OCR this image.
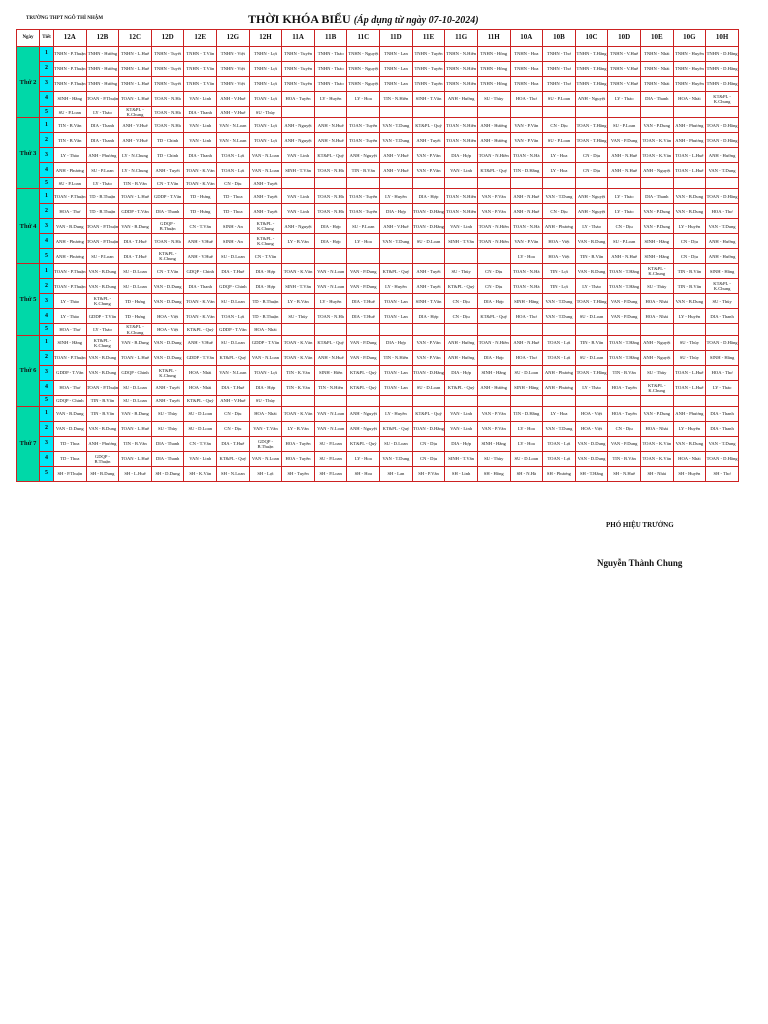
TRƯỜNG THPT NGÔ THÌ NHẬM	THỜI KHÓA BIỂU (Áp dụng từ ngày 07-10-2024)
Ngày	Tiết	12A	12B	12C	12D	12E	12G	12H	11A	11B	11C	11D	11E	11G	11H	10A	10B	10C	10D	10E	10G	10H
Thứ 2	1	TNHN - P.Thuận	TNHN - Hường	TNHN - L.Huế	TNHN - Tuyết	TNHN - T.Vân	TNHN - Việt	TNHN - Lợi	TNHN - Tuyền	TNHN - Thảo	TNHN - Nguyệt	TNHN - Lan	TNHN - Tuyến	TNHN - N.Hiền	TNHN - Hồng	TNHN - Hoa	TNHN - Thơ	TNHN - T.Hằng	TNHN - V.Huế	TNHN - Nhài	TNHN - Huyền	TNHN - D.Hằng
	2	TNHN - P.Thuận	TNHN - Hường	TNHN - L.Huế	TNHN - Tuyết	TNHN - T.Vân	TNHN - Việt	TNHN - Lợi	TNHN - Tuyền	TNHN - Thảo	TNHN - Nguyệt	TNHN - Lan	TNHN - Tuyến	TNHN - N.Hiền	TNHN - Hồng	TNHN - Hoa	TNHN - Thơ	TNHN - T.Hằng	TNHN - V.Huế	TNHN - Nhài	TNHN - Huyền	TNHN - D.Hằng
	3	TNHN - P.Thuận	TNHN - Hường	TNHN - L.Huế	TNHN - Tuyết	TNHN - T.Vân	TNHN - Việt	TNHN - Lợi	TNHN - Tuyền	TNHN - Thảo	TNHN - Nguyệt	TNHN - Lan	TNHN - Tuyến	TNHN - N.Hiền	TNHN - Hồng	TNHN - Hoa	TNHN - Thơ	TNHN - T.Hằng	TNHN - V.Huế	TNHN - Nhài	TNHN - Huyền	TNHN - D.Hằng
	4	SINH - Hằng	TOAN - P.Thuận	TOAN - L.Huế	TOAN - N.Hà	VAN - Linh	ANH - V.Huế	TOAN - Lợi	HOA - Tuyền	LY - Huyền	LY - Hoa	TIN - N.Hiền	SINH - T.Vân	ANH - Hường	SU - Thùy	HOA - Thơ	SU - P.Loan	ANH - Nguyệt	LY - Thảo	DIA - Thanh	HOA - Nhài	KT&PL - K.Chung
	5	SU - P.Loan	LY - Thảo	KT&PL - K.Chung	TOAN - N.Hà	DIA - Thanh	ANH - V.Huế	SU - Thùy														
Thứ 3	1	TIN - B.Vân	DIA - Thanh	ANH - V.Huế	TOAN - N.Hà	VAN - Linh	VAN - N.Loan	TOAN - Lợi	ANH - Nguyệt	ANH - N.Huế	TOAN - Tuyến	VAN - T.Dung	KT&PL - Quý	TOAN - N.Hiền	ANH - Hường	VAN - P.Vân	CN - Dịu	TOAN - T.Hằng	SU - P.Loan	VAN - P.Dung	ANH - Phương	TOAN - D.Hằng
	2	TIN - B.Vân	DIA - Thanh	ANH - V.Huế	TD - Chinh	VAN - Linh	VAN - N.Loan	TOAN - Lợi	ANH - Nguyệt	ANH - N.Huế	TOAN - Tuyến	VAN - T.Dung	ANH - Tuyết	TOAN - N.Hiền	ANH - Hường	VAN - P.Vân	SU - P.Loan	TOAN - T.Hằng	VAN - P.Dung	TOAN - K.Văn	ANH - Phương	TOAN - D.Hằng
	3	LY - Thảo	ANH - Phương	LY - N.Chung	TD - Chinh	DIA - Thanh	TOAN - Lợi	VAN - N.Loan	VAN - Linh	KT&PL - Quý	ANH - Nguyệt	ANH - V.Huế	VAN - P.Vân	DIA - Hợp	TOAN - N.Hiền	TOAN - N.Hà	LY - Hoa	CN - Dịu	ANH - N.Huế	TOAN - K.Văn	TOAN - L.Huế	ANH - Hường
	4	ANH - Phương	SU - P.Loan	LY - N.Chung	ANH - Tuyết	TOAN - K.Văn	TOAN - Lợi	VAN - N.Loan	SINH - T.Vân	TOAN - N.Hà	TIN - B.Vân	ANH - V.Huế	VAN - P.Vân	VAN - Linh	KT&PL - Quý	TIN - D.Hằng	LY - Hoa	CN - Dịu	ANH - N.Huế	ANH - Nguyệt	TOAN - L.Huế	VAN - T.Dung
	5	SU - P.Loan	LY - Thảo	TIN - B.Vân	CN - T.Vân	TOAN - K.Văn	CN - Dịu	ANH - Tuyết														
Thứ 4	1	TOAN - P.Thuận	TD - B.Thuận	TOAN - L.Huế	GDDP - T.Vân	TD - Hưng	TD - Thoa	ANH - Tuyết	VAN - Linh	TOAN - N.Hà	TOAN - Tuyến	LY - Huyền	DIA - Hợp	TOAN - N.Hiền	VAN - P.Vân	ANH - N.Huế	VAN - T.Dung	ANH - Nguyệt	LY - Thảo	DIA - Thanh	VAN - B.Dung	TOAN - D.Hằng
	2	HOA - Thơ	TD - B.Thuận	GDDP - T.Vân	DIA - Thanh	TD - Hưng	TD - Thoa	ANH - Tuyết	VAN - Linh	TOAN - N.Hà	TOAN - Tuyến	DIA - Hợp	TOAN - D.Hằng	TOAN - N.Hiền	VAN - P.Vân	ANH - N.Huế	CN - Dịu	ANH - Nguyệt	LY - Thảo	VAN - P.Dung	VAN - B.Dung	HOA - Thơ
	3	VAN - B.Dung	TOAN - P.Thuận	VAN - B.Dung	GDQP - B.Thuận	CN - T.Vân	SINH - An	KT&PL - K.Chung	ANH - Nguyệt	DIA - Hợp	SU - P.Loan	ANH - V.Huế	TOAN - D.Hằng	VAN - Linh	TOAN - N.Hiền	TOAN - N.Hà	ANH - Phương	LY - Thảo	CN - Dịu	VAN - P.Dung	LY - Huyền	VAN - T.Dung
	4	ANH - Phương	TOAN - P.Thuận	DIA - T.Huế	TOAN - N.Hà	ANH - V.Huế	SINH - An	KT&PL - K.Chung	LY - B.Văn	DIA - Hợp	LY - Hoa	VAN - T.Dung	SU - D.Loan	SINH - T.Vân	TOAN - N.Hiền	VAN - P.Vân	HOA - Việt	VAN - B.Dung	SU - P.Loan	SINH - Hằng	CN - Dịu	ANH - Hường
	5	ANH - Phương	SU - P.Loan	DIA - T.Huế	KT&PL - K.Chung	ANH - V.Huế	SU - D.Loan	CN - T.Vân								LY - Hoa	HOA - Việt	TIN - B.Vân	ANH - N.Huế	SINH - Hằng	CN - Dịu	ANH - Hường
Thứ 5	1	TOAN - P.Thuận	VAN - B.Dung	SU - D.Loan	CN - T.Vân	GDQP - Chinh	DIA - T.Huế	DIA - Hợp	TOAN - K.Văn	VAN - N.Loan	VAN - P.Dung	KT&PL - Quý	ANH - Tuyết	SU - Thùy	CN - Dịu	TOAN - N.Hà	TIN - Lợi	VAN - B.Dung	TOAN - T.Hằng	KT&PL - K.Chung	TIN - B.Vân	SINH - Hằng
	2	TOAN - P.Thuận	VAN - B.Dung	SU - D.Loan	VAN - D.Dung	DIA - Thanh	GDQP - Chinh	DIA - Hợp	SINH - T.Vân	VAN - N.Loan	VAN - P.Dung	LY - Huyền	ANH - Tuyết	KT&PL - Quý	CN - Dịu	TOAN - N.Hà	TIN - Lợi	LY - Thảo	TOAN - T.Hằng	SU - Thùy	TIN - B.Vân	KT&PL - K.Chung
	3	LY - Thảo	KT&PL - K.Chung	TD - Hưng	VAN - D.Dung	TOAN - K.Văn	SU - D.Loan	TD - B.Thuận	LY - B.Văn	LY - Huyền	DIA - T.Huế	TOAN - Lan	SINH - T.Vân	CN - Dịu	DIA - Hợp	SINH - Hằng	VAN - T.Dung	TOAN - T.Hằng	VAN - P.Dung	HOA - Nhài	VAN - B.Dung	SU - Thùy
	4	LY - Thảo	GDDP - T.Vân	TD - Hưng	HOA - Việt	TOAN - K.Văn	TOAN - Lợi	TD - B.Thuận	SU - Thùy	TOAN - N.Hà	DIA - T.Huế	TOAN - Lan	DIA - Hợp	CN - Dịu	KT&PL - Quý	HOA - Thơ	VAN - T.Dung	SU - D.Loan	VAN - P.Dung	HOA - Nhài	LY - Huyền	DIA - Thanh
	5	HOA - Thơ	LY - Thảo	KT&PL - K.Chung	HOA - Việt	KT&PL - Quý	GDDP - T.Vân	HOA - Nhài														
Thứ 6	1	SINH - Hằng	KT&PL - K.Chung	VAN - B.Dung	VAN - D.Dung	ANH - V.Huế	SU - D.Loan	GDDP - T.Vân	TOAN - K.Văn	KT&PL - Quý	VAN - P.Dung	DIA - Hợp	VAN - P.Vân	ANH - Hường	TOAN - N.Hiền	ANH - N.Huế	TOAN - Lợi	TIN - B.Vân	TOAN - T.Hằng	ANH - Nguyệt	SU - Thùy	TOAN - D.Hằng
	2	TOAN - P.Thuận	VAN - B.Dung	TOAN - L.Huế	VAN - D.Dung	GDDP - T.Vân	KT&PL - Quý	VAN - N.Loan	TOAN - K.Văn	ANH - N.Huế	VAN - P.Dung	TIN - N.Hiền	VAN - P.Vân	ANH - Hường	DIA - Hợp	HOA - Thơ	TOAN - Lợi	SU - D.Loan	TOAN - T.Hằng	ANH - Nguyệt	SU - Thùy	SINH - Hằng
	3	GDDP - T.Vân	VAN - B.Dung	GDQP - Chinh	KT&PL - K.Chung	HOA - Nhài	VAN - N.Loan	TOAN - Lợi	TIN - K.Văn	SINH - Hiền	KT&PL - Quý	TOAN - Lan	TOAN - D.Hằng	DIA - Hợp	SINH - Hằng	SU - D.Loan	ANH - Phương	TOAN - T.Hằng	TIN - B.Vân	SU - Thùy	TOAN - L.Huế	HOA - Thơ
	4	HOA - Thơ	TOAN - P.Thuận	SU - D.Loan	ANH - Tuyết	HOA - Nhài	DIA - T.Huế	DIA - Hợp	TIN - K.Văn	TIN - N.Hiền	KT&PL - Quý	TOAN - Lan	SU - D.Loan	KT&PL - Quý	ANH - Hường	SINH - Hằng	ANH - Phương	LY - Thảo	HOA - Tuyến	KT&PL - K.Chung	TOAN - L.Huế	LY - Thảo
	5	GDQP - Chinh	TIN - B.Vân	SU - D.Loan	ANH - Tuyết	KT&PL - Quý	ANH - V.Huế	SU - Thùy														
Thứ 7	1	VAN - B.Dung	TIN - B.Vân	VAN - B.Dung	SU - Thùy	SU - D.Loan	CN - Dịu	HOA - Nhài	TOAN - K.Văn	VAN - N.Loan	ANH - Nguyệt	LY - Huyền	KT&PL - Quý	VAN - Linh	VAN - P.Vân	TIN - D.Hằng	LY - Hoa	HOA - Việt	HOA - Tuyến	VAN - P.Dung	ANH - Phương	DIA - Thanh
	2	VAN - D.Dung	VAN - B.Dung	TOAN - L.Huế	SU - Thùy	SU - D.Loan	CN - Dịu	VAN - T.Vân	LY - B.Văn	VAN - N.Loan	ANH - Nguyệt	KT&PL - Quý	TOAN - D.Hằng	VAN - Linh	VAN - P.Vân	LY - Hoa	VAN - T.Dung	HOA - Việt	CN - Dịu	HOA - Nhài	LY - Huyền	DIA - Thanh
	3	TD - Thoa	ANH - Phương	TIN - B.Vân	DIA - Thanh	CN - T.Vân	DIA - T.Huế	GDQP - B.Thuận	HOA - Tuyền	SU - P.Loan	KT&PL - Quý	SU - D.Loan	CN - Dịu	DIA - Hợp	SINH - Hằng	LY - Hoa	TOAN - Lợi	VAN - D.Dung	VAN - P.Dung	TOAN - K.Văn	VAN - B.Dung	VAN - T.Dung
	4	TD - Thoa	GDQP - B.Thuận	TOAN - L.Huế	DIA - Thanh	VAN - Linh	KT&PL - Quý	VAN - N.Loan	HOA - Tuyền	SU - P.Loan	LY - Hoa	VAN - T.Dung	CN - Dịu	SINH - T.Vân	SU - Thùy	SU - D.Loan	TOAN - Lợi	VAN - D.Dung	TIN - B.Vân	TOAN - K.Văn	HOA - Nhài	TOAN - D.Hằng
	5	SH - P.Thuận	SH - B.Dung	SH - L.Huế	SH - D.Dung	SH - K.Văn	SH - N.Loan	SH - Lợi	SH - Tuyền	SH - P.Loan	SH - Hoa	SH - Lan	SH - P.Vân	SH - Linh	SH - Hồng	SH - N.Hà	SH - Phương	SH - T.Hằng	SH - N.Huế	SH - Nhài	SH - Huyền	SH - Thơ
PHÓ HIỆU TRƯỞNG
Nguyễn Thành Chung
